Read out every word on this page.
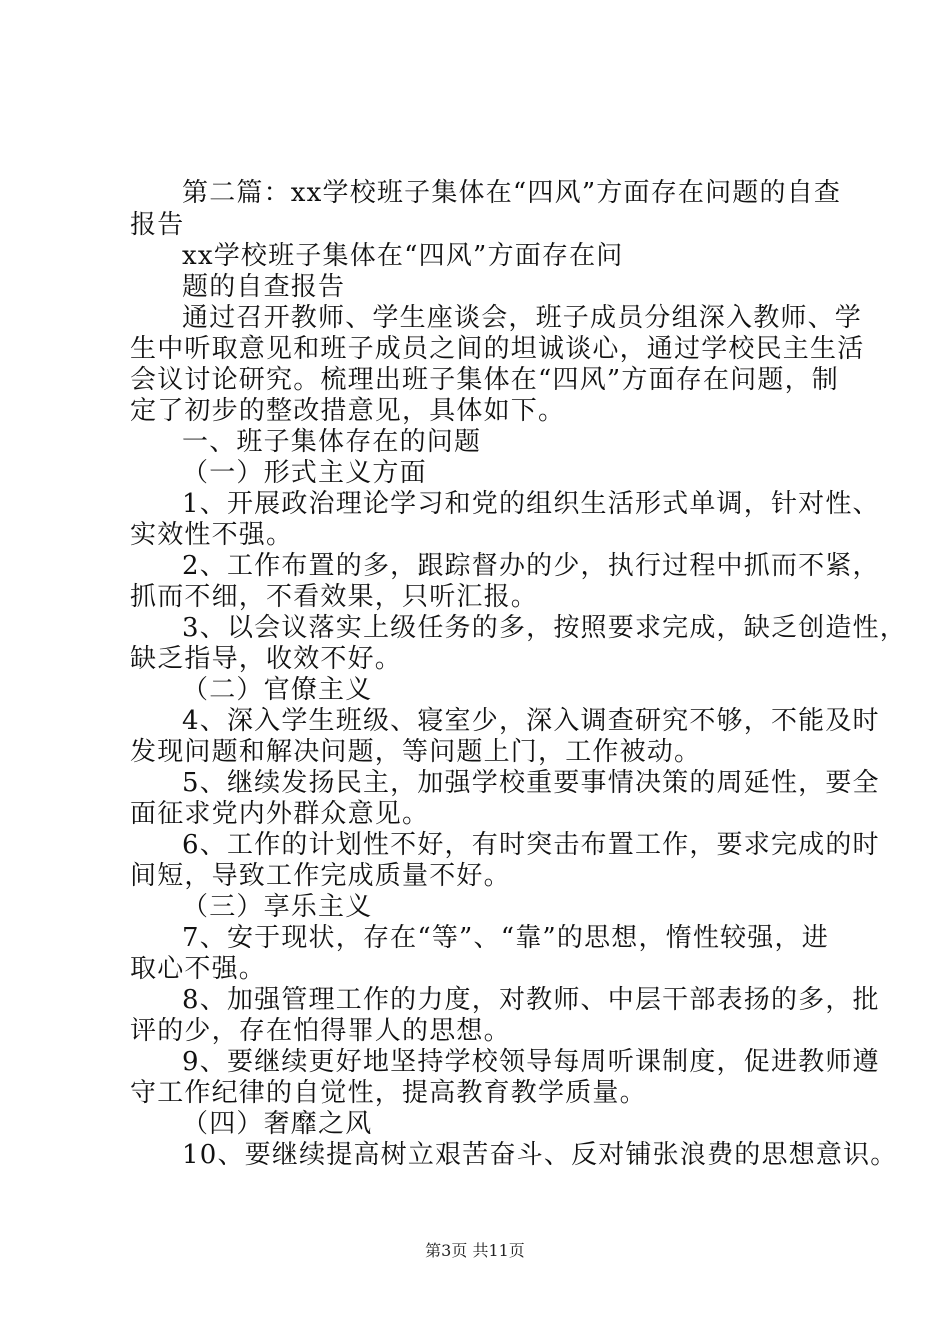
第二篇：xx学校班子集体在“四风”方面存在问题的自查
报告
xx学校班子集体在“四风”方面存在问
题的自查报告
通过召开教师、学生座谈会，班子成员分组深入教师、学
生中听取意见和班子成员之间的坦诚谈心，通过学校民主生活
会议讨论研究。梳理出班子集体在“四风”方面存在问题，制
定了初步的整改措意见，具体如下。
一、班子集体存在的问题
（一）形式主义方面
1、开展政治理论学习和党的组织生活形式单调，针对性、
实效性不强。
2、工作布置的多，跟踪督办的少，执行过程中抓而不紧，
抓而不细，不看效果，只听汇报。
3、以会议落实上级任务的多，按照要求完成，缺乏创造性，
缺乏指导，收效不好。
（二）官僚主义
4、深入学生班级、寝室少，深入调查研究不够，不能及时
发现问题和解决问题，等问题上门，工作被动。
5、继续发扬民主，加强学校重要事情决策的周延性，要全
面征求党内外群众意见。
6、工作的计划性不好，有时突击布置工作，要求完成的时
间短，导致工作完成质量不好。
（三）享乐主义
7、安于现状，存在“等”、“靠”的思想，惰性较强，进
取心不强。
8、加强管理工作的力度，对教师、中层干部表扬的多，批
评的少，存在怕得罪人的思想。
9、要继续更好地坚持学校领导每周听课制度，促进教师遵
守工作纪律的自觉性，提高教育教学质量。
（四）奢靡之风
10、要继续提高树立艰苦奋斗、反对铺张浪费的思想意识。
第3页 共11页
